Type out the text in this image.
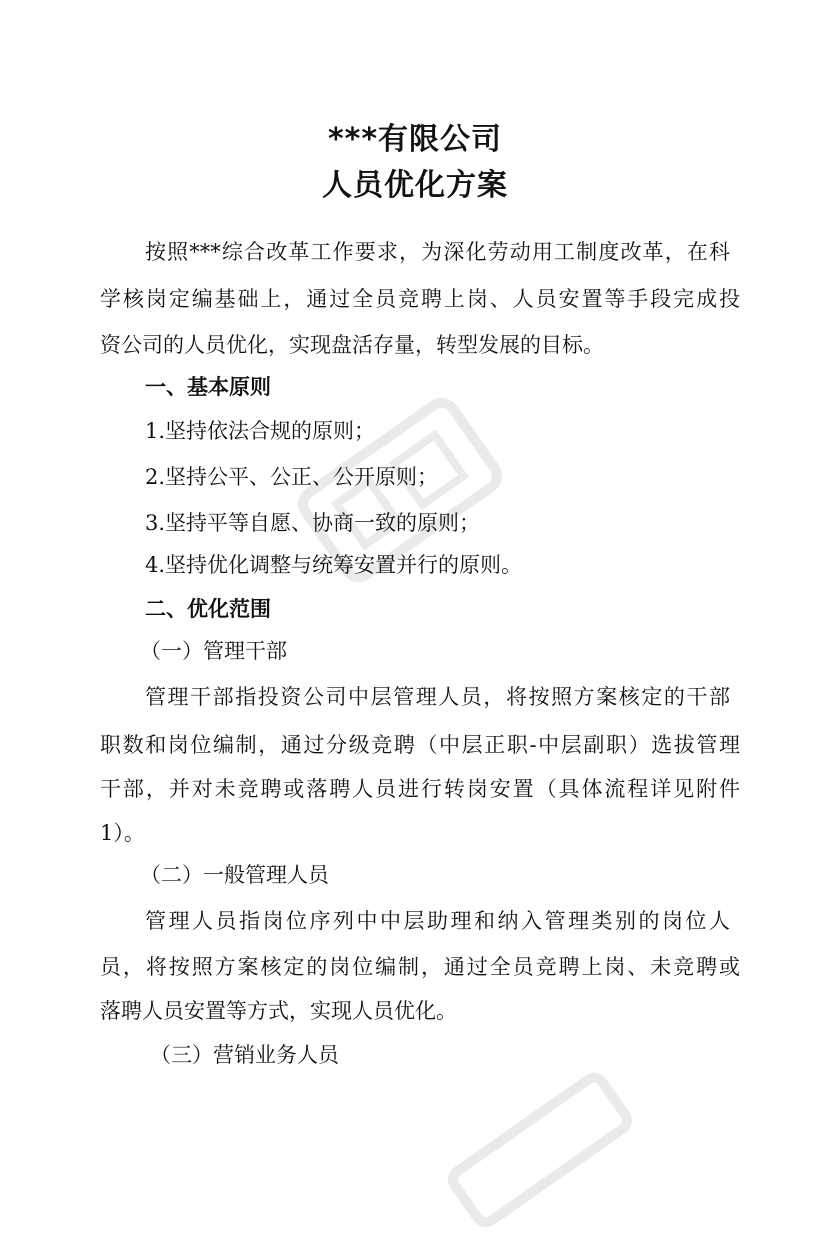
***有限公司
人员优化方案
按照***综合改革工作要求，为深化劳动用工制度改革，在科
学核岗定编基础上，通过全员竞聘上岗、人员安置等手段完成投
资公司的人员优化，实现盘活存量，转型发展的目标。
一、基本原则
1.坚持依法合规的原则；
2.坚持公平、公正、公开原则；
3.坚持平等自愿、协商一致的原则；
4.坚持优化调整与统筹安置并行的原则。
二、优化范围
（一）管理干部
管理干部指投资公司中层管理人员，将按照方案核定的干部
职数和岗位编制，通过分级竞聘（中层正职-中层副职）选拔管理
干部，并对未竞聘或落聘人员进行转岗安置（具体流程详见附件
1）。
（二）一般管理人员
管理人员指岗位序列中中层助理和纳入管理类别的岗位人
员，将按照方案核定的岗位编制，通过全员竞聘上岗、未竞聘或
落聘人员安置等方式，实现人员优化。
（三）营销业务人员
